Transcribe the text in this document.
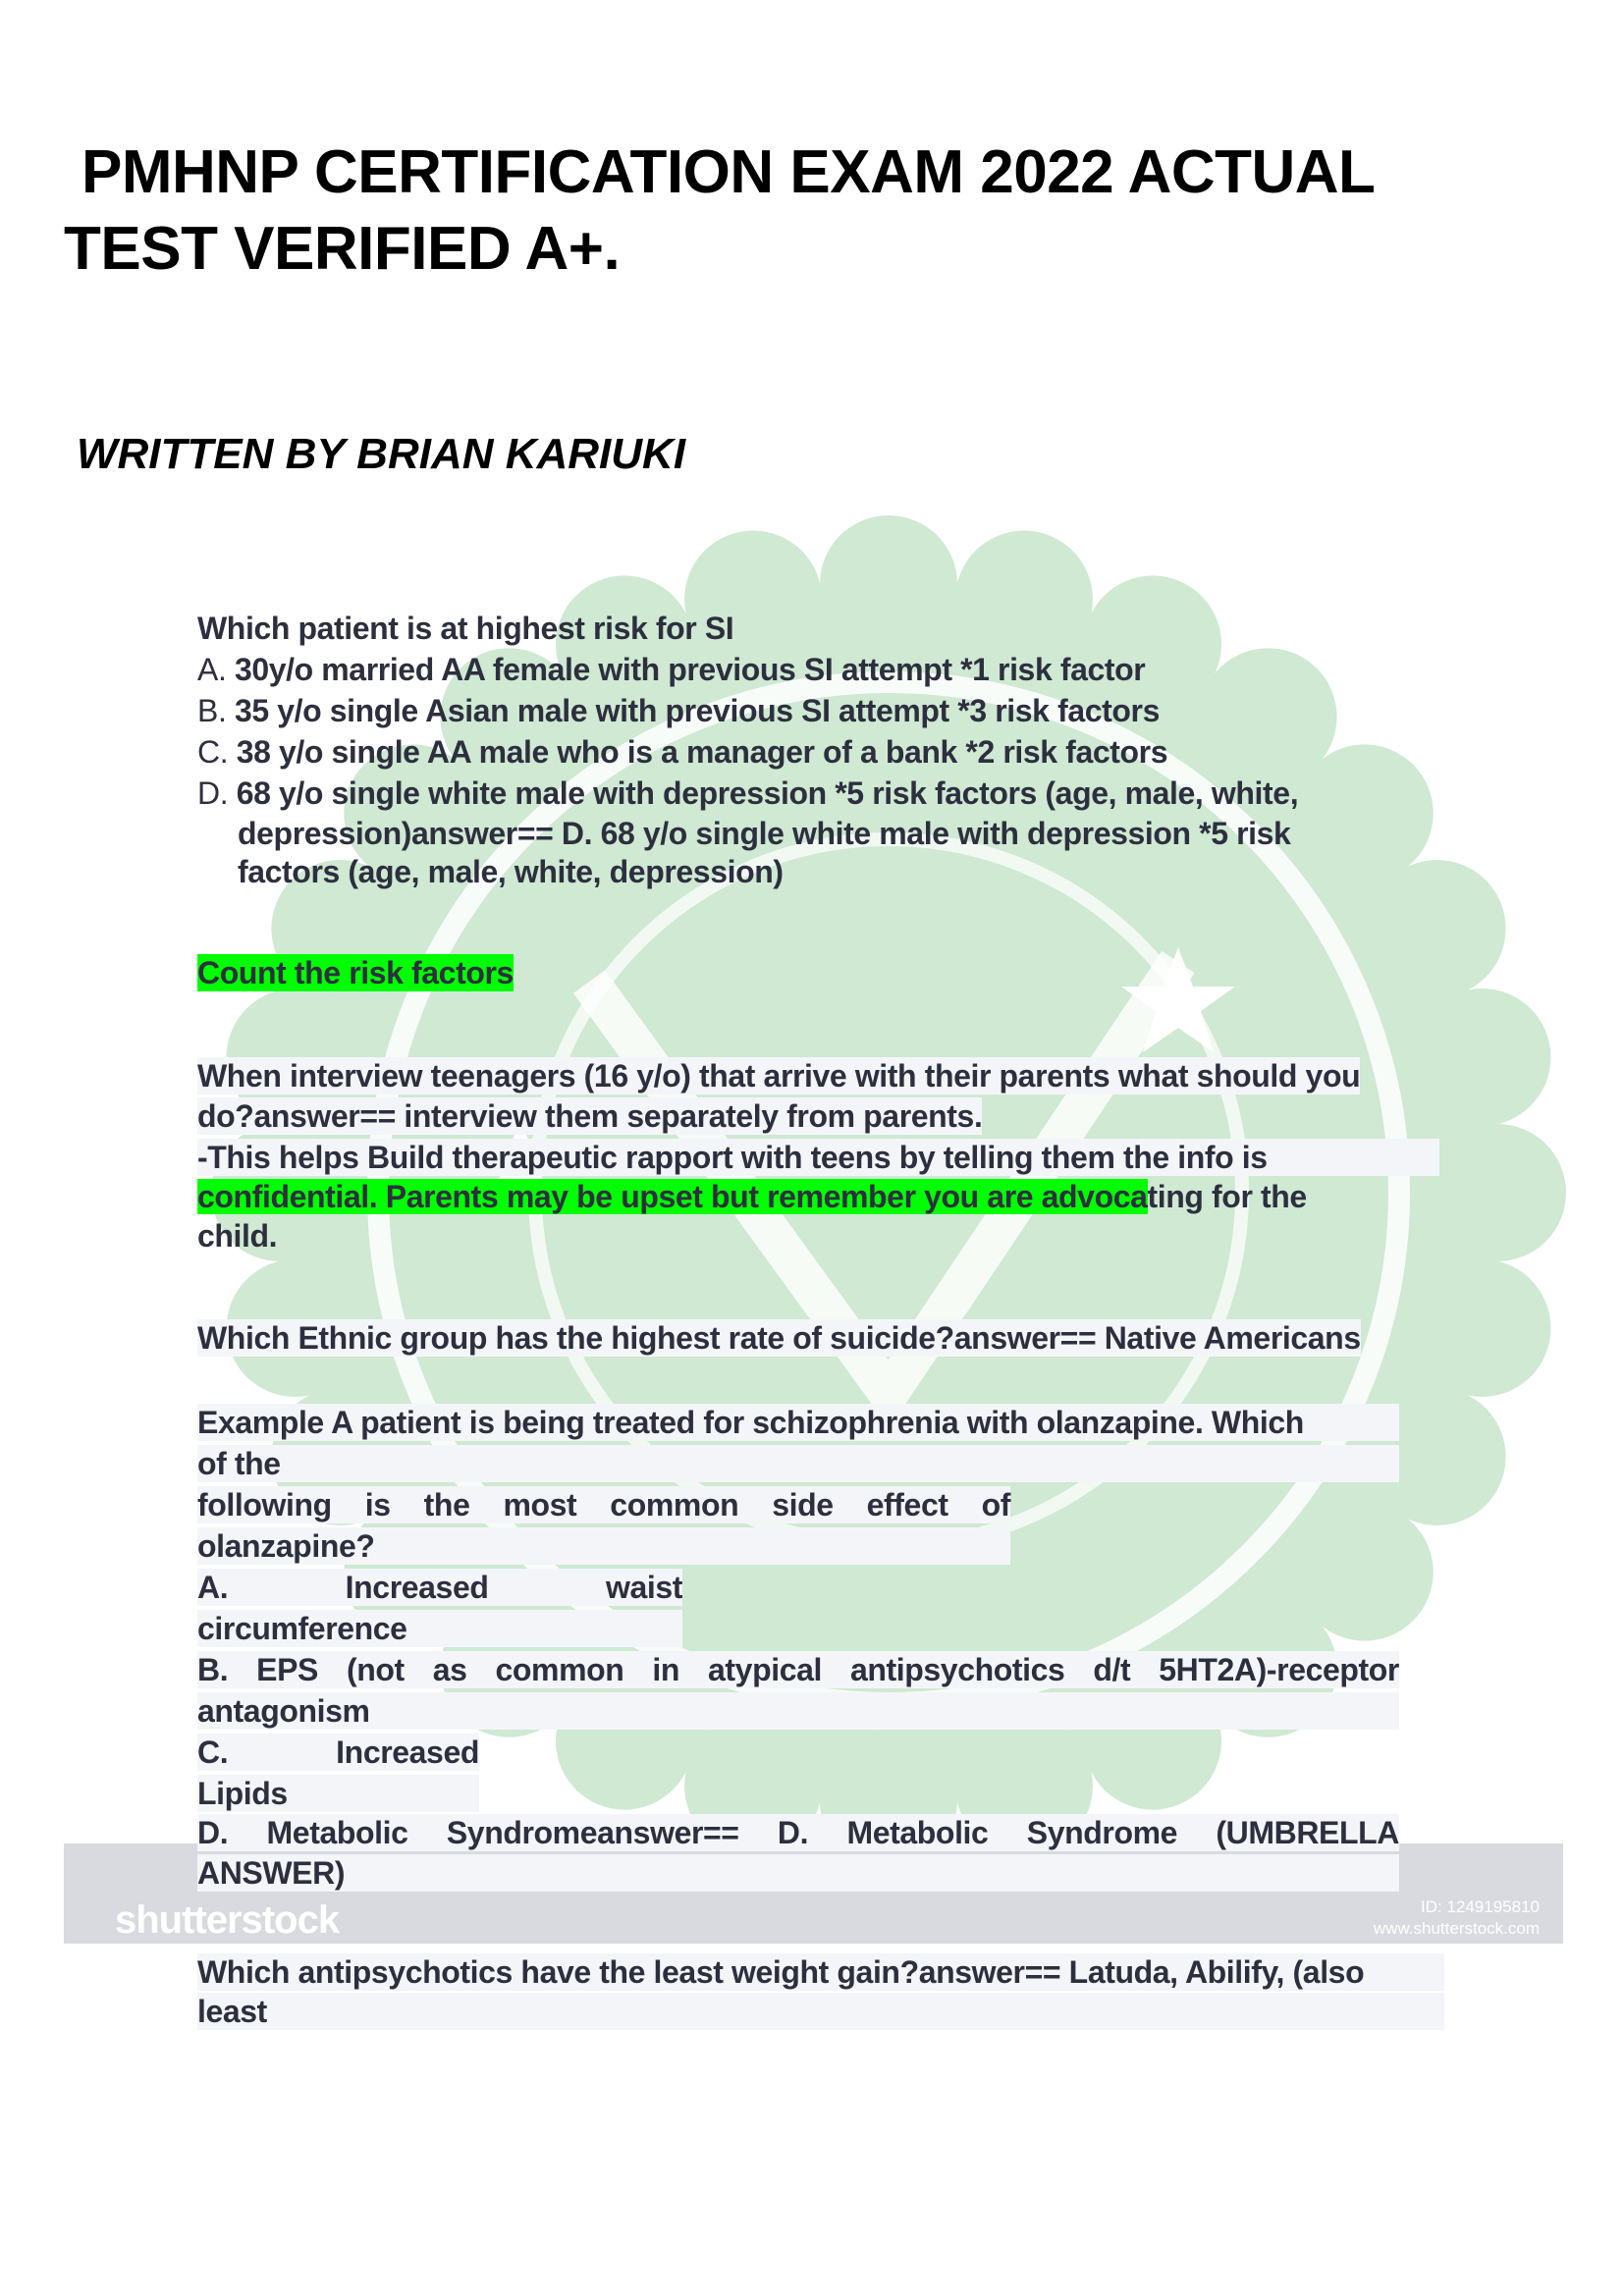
PMHNP CERTIFICATION EXAM 2022 ACTUAL
TEST VERIFIED A+.
WRITTEN BY BRIAN KARIUKI
Which patient is at highest risk for SI
A. 30y/o married AA female with previous SI attempt *1 risk factor
B. 35 y/o single Asian male with previous SI attempt *3 risk factors
C. 38 y/o single AA male who is a manager of a bank *2 risk factors
D. 68 y/o single white male with depression *5 risk factors (age, male, white,
depression)answer== D. 68 y/o single white male with depression *5 risk
factors (age, male, white, depression)
Count the risk factors
When interview teenagers (16 y/o) that arrive with their parents what should you
do?answer== interview them separately from parents.
-This helps Build therapeutic rapport with teens by telling them the info is
confidential. Parents may be upset but remember you are advocating for the
child.
Which Ethnic group has the highest rate of suicide?answer== Native Americans
Example A patient is being treated for schizophrenia with olanzapine. Which
of the
following is the most common side effect of
olanzapine?
A. Increased waist
circumference
B. EPS (not as common in atypical antipsychotics d/t 5HT2A)-receptor
antagonism
C. Increased
Lipids
shutterstock	ID: 1249195810
www.shutterstock.com
D. Metabolic Syndromeanswer== D. Metabolic Syndrome (UMBRELLA
ANSWER)
Which antipsychotics have the least weight gain?answer== Latuda, Abilify, (also
least
